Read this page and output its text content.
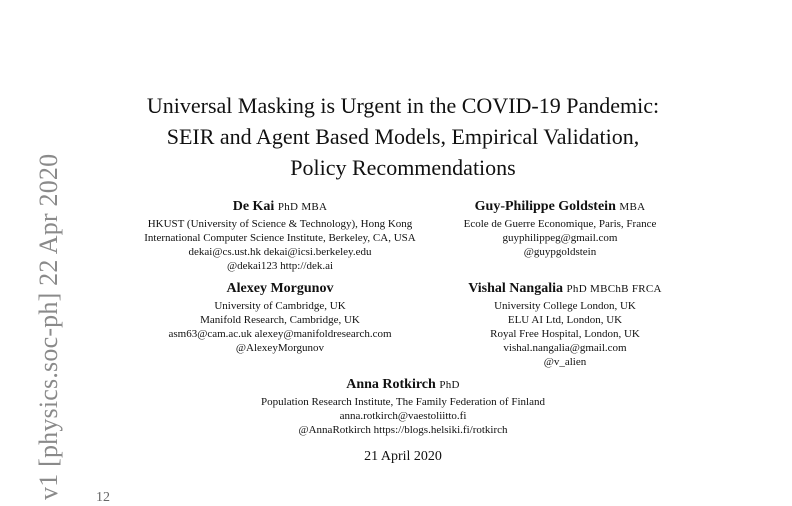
v1 [physics.soc-ph] 22 Apr 2020
Universal Masking is Urgent in the COVID-19 Pandemic:
SEIR and Agent Based Models, Empirical Validation,
Policy Recommendations
De Kai PhD MBA
HKUST (University of Science & Technology), Hong Kong
International Computer Science Institute, Berkeley, CA, USA
dekai@cs.ust.hk dekai@icsi.berkeley.edu
@dekai123 http://dek.ai
Guy-Philippe Goldstein MBA
Ecole de Guerre Economique, Paris, France
guyphilippeg@gmail.com
@guypgoldstein
Alexey Morgunov
University of Cambridge, UK
Manifold Research, Cambridge, UK
asm63@cam.ac.uk alexey@manifoldresearch.com
@AlexeyMorgunov
Vishal Nangalia PhD MBChB FRCA
University College London, UK
ELU AI Ltd, London, UK
Royal Free Hospital, London, UK
vishal.nangalia@gmail.com
@v_alien
Anna Rotkirch PhD
Population Research Institute, The Family Federation of Finland
anna.rotkirch@vaestoliitto.fi
@AnnaRotkirch https://blogs.helsiki.fi/rotkirch
21 April 2020
12
